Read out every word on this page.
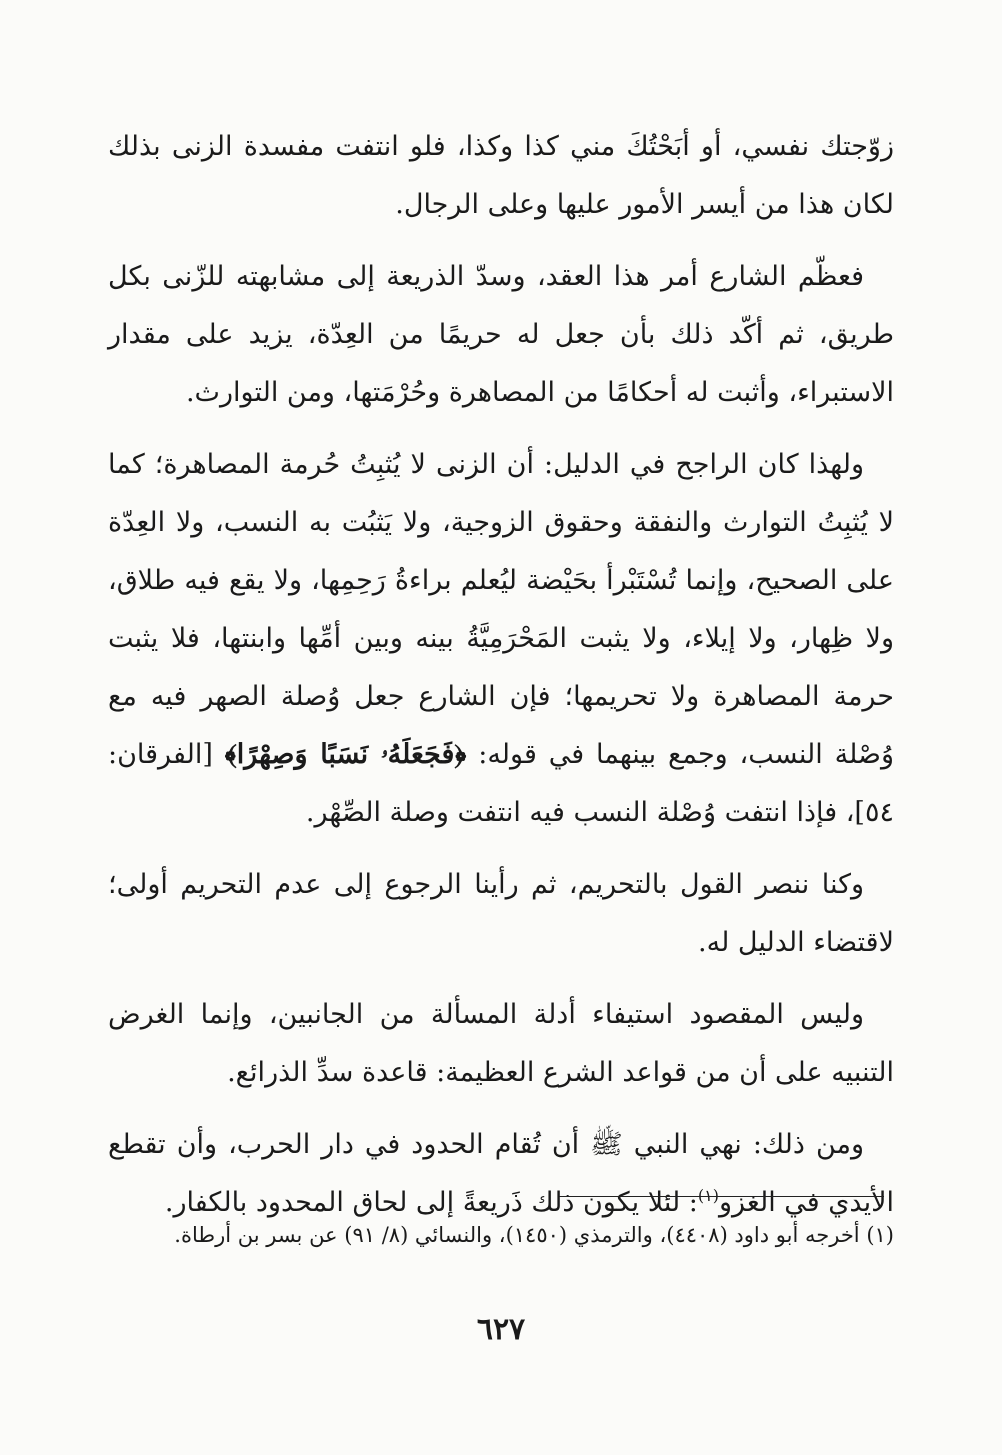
زوّجتك نفسي، أو أبَحْتُكَ مني كذا وكذا، فلو انتفت مفسدة الزنى بذلك لكان هذا من أيسر الأمور عليها وعلى الرجال.

فعظّم الشارع أمر هذا العقد، وسدّ الذريعة إلى مشابهته للزّنى بكل طريق، ثم أكّد ذلك بأن جعل له حريمًا من العِدّة، يزيد على مقدار الاستبراء، وأثبت له أحكامًا من المصاهرة وحُرْمَتها، ومن التوارث.

ولهذا كان الراجح في الدليل: أن الزنى لا يُثبِتُ حُرمة المصاهرة؛ كما لا يُثبِتُ التوارث والنفقة وحقوق الزوجية، ولا يَثبُت به النسب، ولا العِدّة على الصحيح، وإنما تُسْتَبْرأ بحَيْضة ليُعلم براءةُ رَحِمِها، ولا يقع فيه طلاق، ولا ظِهار، ولا إيلاء، ولا يثبت المَحْرَمِيَّةُ بينه وبين أمِّها وابنتها، فلا يثبت حرمة المصاهرة ولا تحريمها؛ فإن الشارع جعل وُصلة الصهر فيه مع وُصْلة النسب، وجمع بينهما في قوله: ﴿فَجَعَلَهُۥ نَسَبًا وَصِهْرًا﴾ [الفرقان: ٥٤]، فإذا انتفت وُصْلة النسب فيه انتفت وصلة الصِّهْر.

وكنا ننصر القول بالتحريم، ثم رأينا الرجوع إلى عدم التحريم أولى؛ لاقتضاء الدليل له.

وليس المقصود استيفاء أدلة المسألة من الجانبين، وإنما الغرض التنبيه على أن من قواعد الشرع العظيمة: قاعدة سدِّ الذرائع.

ومن ذلك: نهي النبي ﷺ أن تُقام الحدود في دار الحرب، وأن تقطع الأيدي في الغزو$^{(١)}$: لئلا يكون ذلك ذَريعةً إلى لحاق المحدود بالكفار.

(١) أخرجه أبو داود (٤٤٠٨)، والترمذي (١٤٥٠)، والنسائي (٨/ ٩١) عن بسر بن أرطاة.
٦٢٧
